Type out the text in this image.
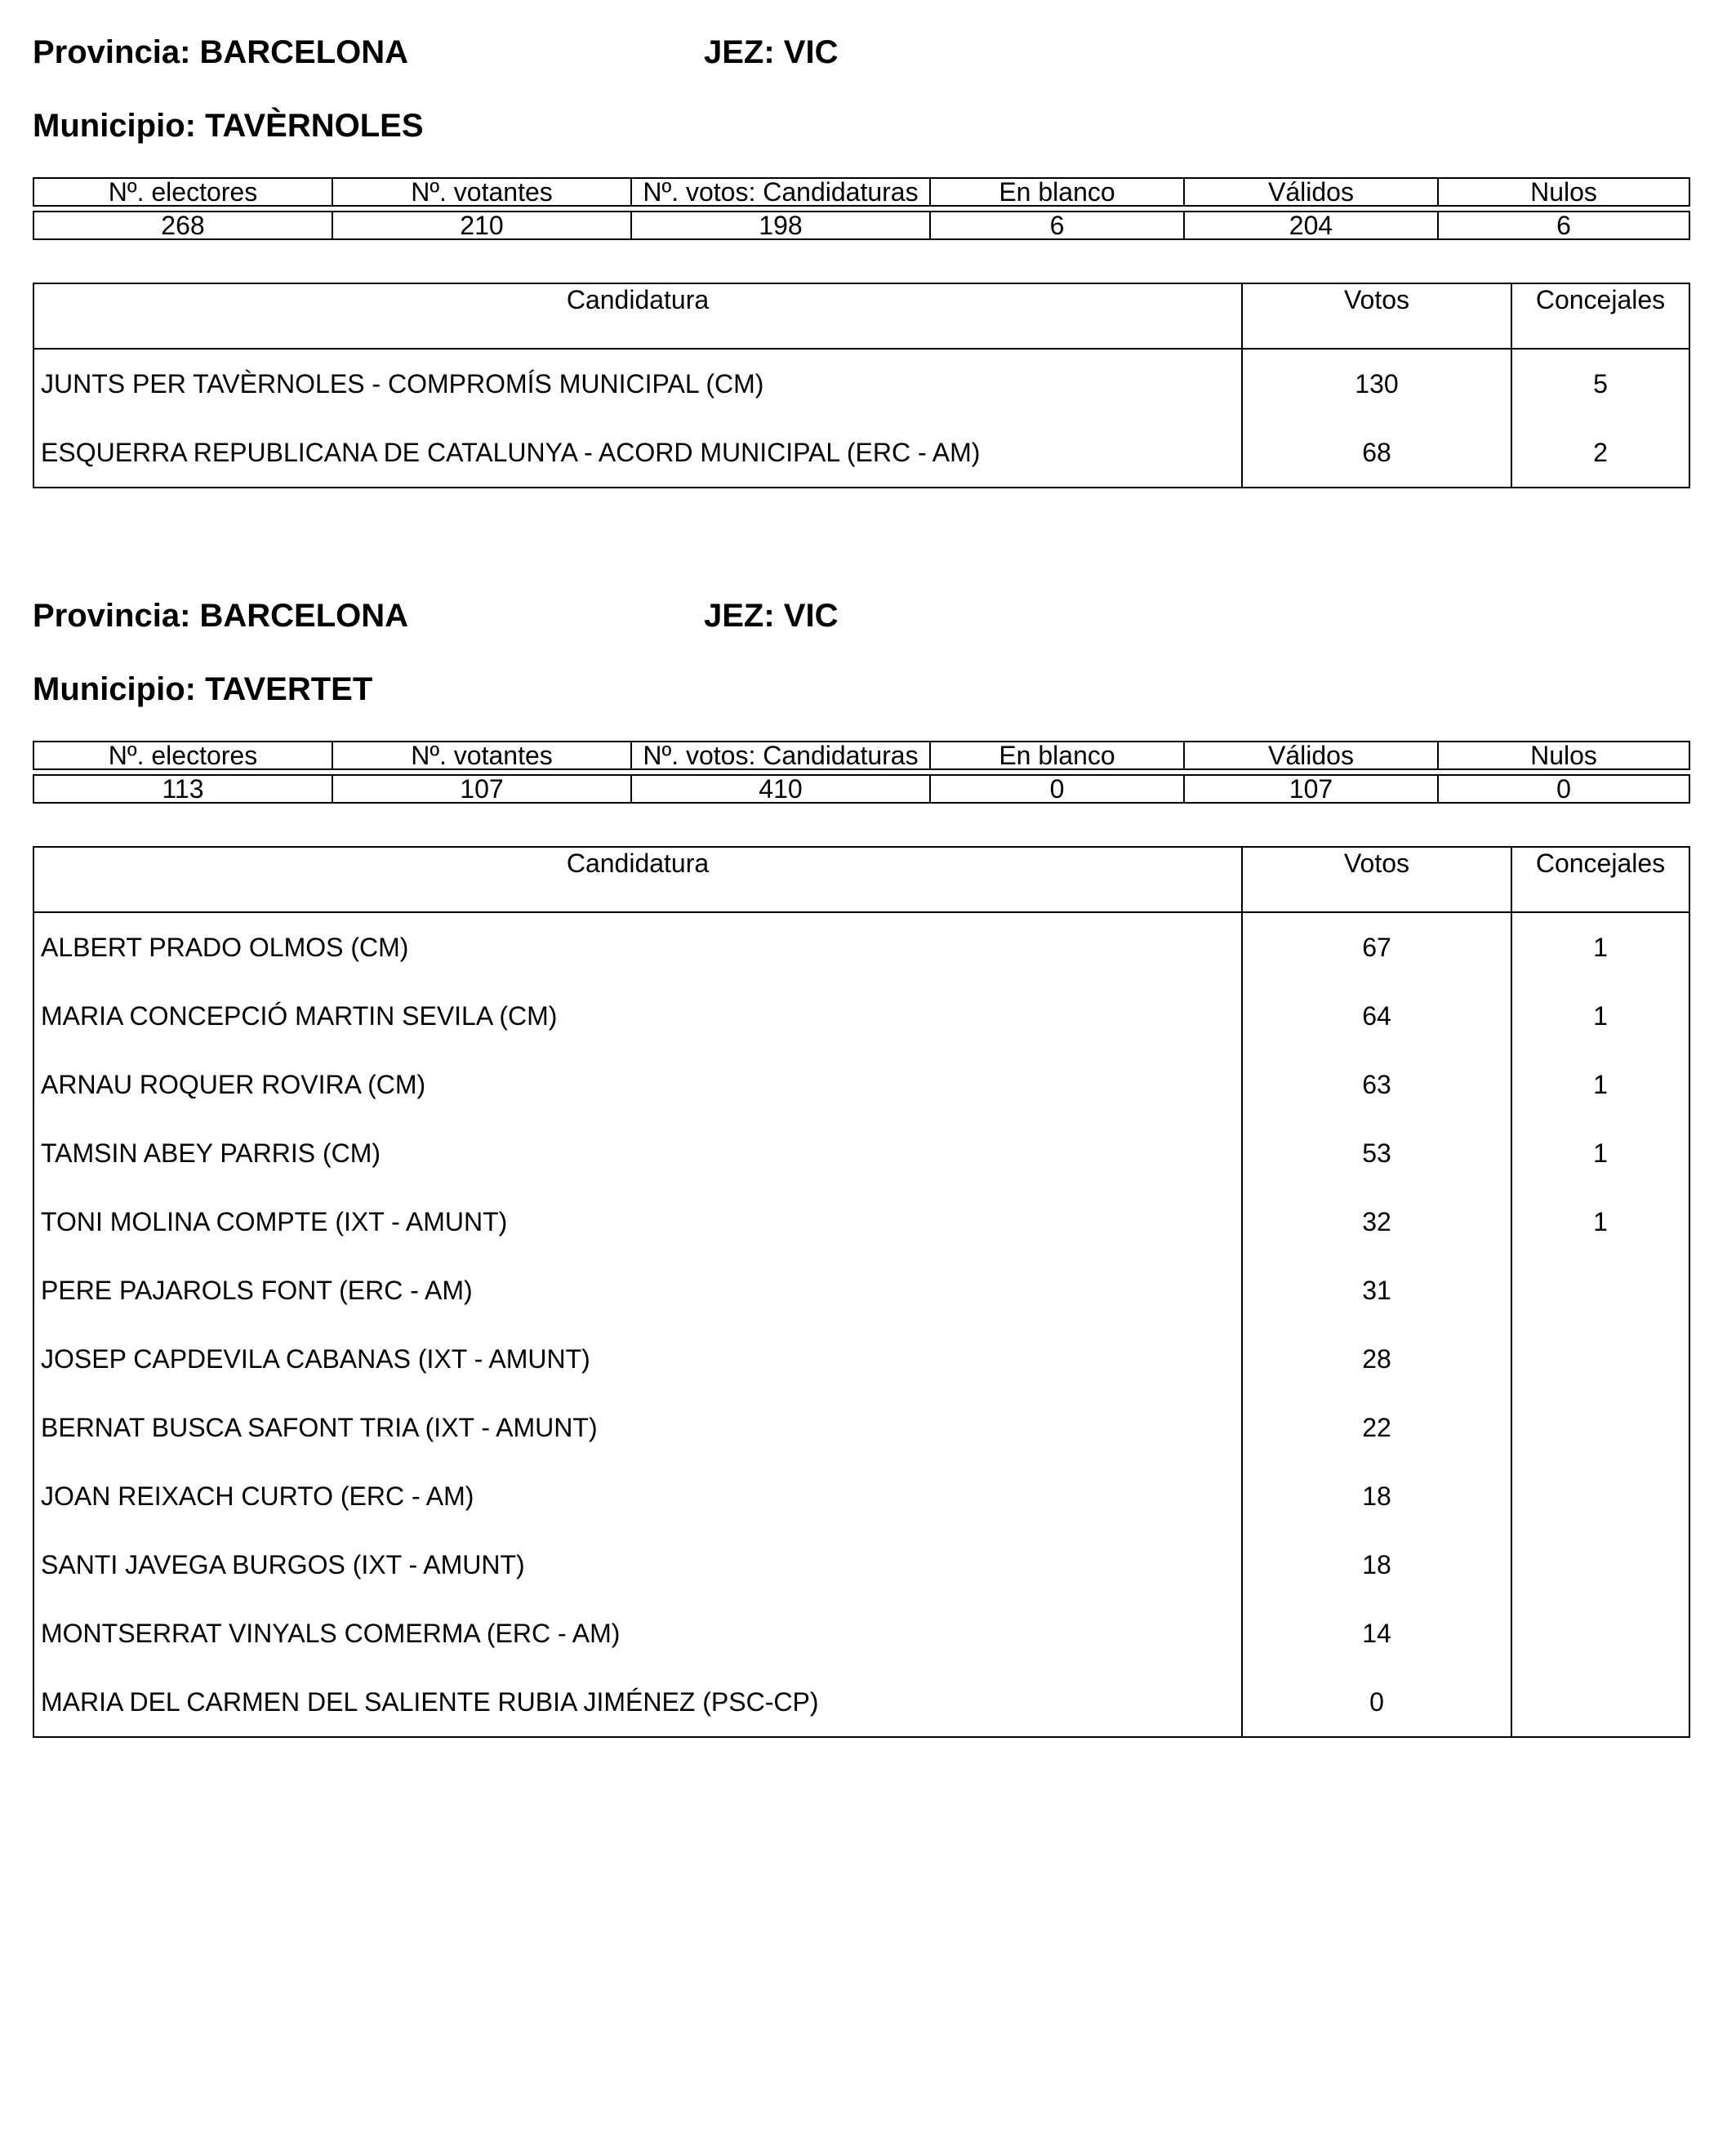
Provincia: BARCELONA	JEZ: VIC
Municipio: TAVÈRNOLES
Nº. electores	Nº. votantes	Nº. votos: Candidaturas	En blanco	Válidos	Nulos
268	210	198	6	204	6
Candidatura	Votos	Concejales
JUNTS PER TAVÈRNOLES - COMPROMÍS MUNICIPAL (CM)	130	5
ESQUERRA REPUBLICANA DE CATALUNYA - ACORD MUNICIPAL (ERC - AM)	68	2
Provincia: BARCELONA	JEZ: VIC
Municipio: TAVERTET
Nº. electores	Nº. votantes	Nº. votos: Candidaturas	En blanco	Válidos	Nulos
113	107	410	0	107	0
Candidatura	Votos	Concejales
ALBERT PRADO OLMOS (CM)	67	1
MARIA CONCEPCIÓ MARTIN SEVILA (CM)	64	1
ARNAU ROQUER ROVIRA (CM)	63	1
TAMSIN ABEY PARRIS (CM)	53	1
TONI MOLINA COMPTE (IXT - AMUNT)	32	1
PERE PAJAROLS FONT (ERC - AM)	31
JOSEP CAPDEVILA CABANAS (IXT - AMUNT)	28
BERNAT BUSCA SAFONT TRIA (IXT - AMUNT)	22
JOAN REIXACH CURTO (ERC - AM)	18
SANTI JAVEGA BURGOS (IXT - AMUNT)	18
MONTSERRAT VINYALS COMERMA (ERC - AM)	14
MARIA DEL CARMEN DEL SALIENTE RUBIA JIMÉNEZ (PSC-CP)	0
